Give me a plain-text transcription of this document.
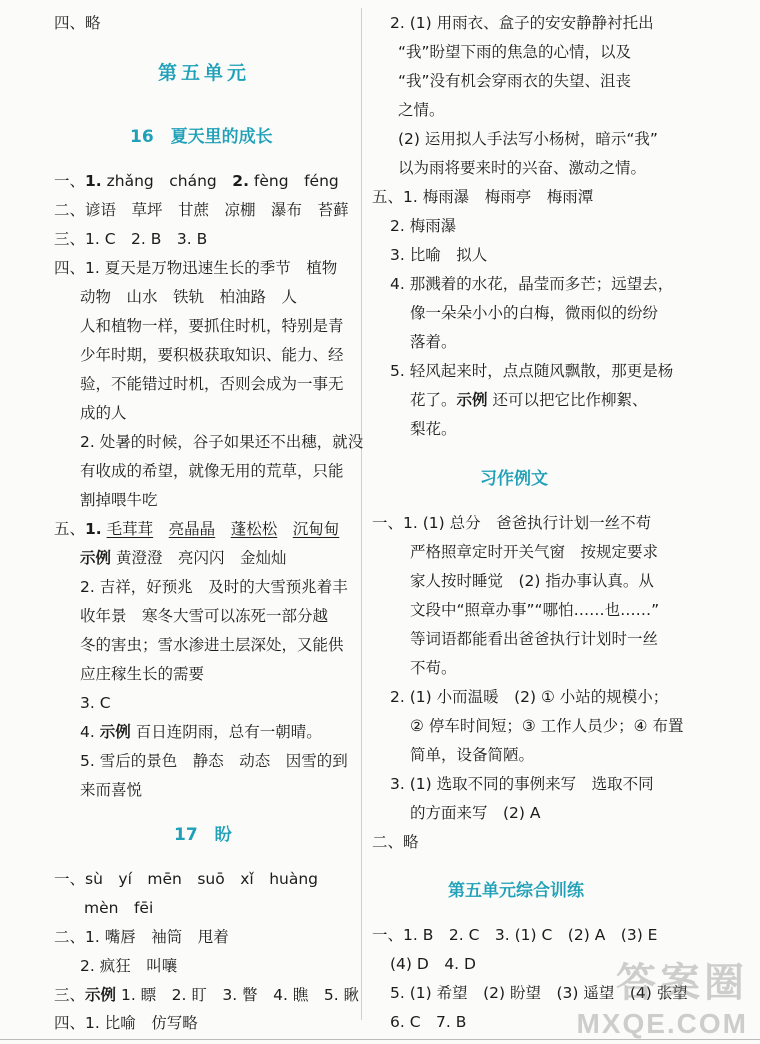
四、略
第五单元
16　夏天里的成长
一、1. zhǎng　cháng　 2. fèng　féng
二、谚语　草坪　甘蔗　凉棚　瀑布　苔藓
三、1. C　2. B　3. B
四、1. 夏天是万物迅速生长的季节　植物
动物　山水　铁轨　柏油路　人
人和植物一样，要抓住时机，特别是青
少年时期，要积极获取知识、能力、经
验，不能错过时机，否则会成为一事无
成的人
2. 处暑的时候，谷子如果还不出穗，就没
有收成的希望，就像无用的荒草，只能
割掉喂牛吃
五、1. 毛茸茸　 亮晶晶　 蓬松松　 沉甸甸
示例 黄澄澄　亮闪闪　金灿灿
2. 吉祥，好预兆　及时的大雪预兆着丰
收年景　寒冬大雪可以冻死一部分越
冬的害虫；雪水渗进土层深处，又能供
应庄稼生长的需要
3. C
4. 示例 百日连阴雨，总有一朝晴。
5. 雪后的景色　静态　动态　因雪的到
来而喜悦
17　盼
一、sù　yí　mēn　suō　xǐ　huàng
mèn　fēi
二、1. 嘴唇　袖筒　甩着
2. 疯狂　叫嚷
三、示例 1. 瞟　2. 盯　3. 瞥　4. 瞧　5. 瞅
四、1. 比喻　仿写略
2. (1) 用雨衣、盒子的安安静静衬托出
“我”盼望下雨的焦急的心情，以及
“我”没有机会穿雨衣的失望、沮丧
之情。
(2) 运用拟人手法写小杨树，暗示“我”
以为雨将要来时的兴奋、激动之情。
五、1. 梅雨瀑　梅雨亭　梅雨潭
2. 梅雨瀑
3. 比喻　拟人
4. 那溅着的水花，晶莹而多芒；远望去，
像一朵朵小小的白梅，微雨似的纷纷
落着。
5. 轻风起来时，点点随风飘散，那更是杨
花了。示例 还可以把它比作柳絮、
梨花。
习作例文
一、1. (1) 总分　爸爸执行计划一丝不苟
严格照章定时开关气窗　按规定要求
家人按时睡觉　(2) 指办事认真。从
文段中“照章办事”“哪怕……也……”
等词语都能看出爸爸执行计划时一丝
不苟。
2. (1) 小而温暖　(2) ① 小站的规模小；
② 停车时间短；③ 工作人员少；④ 布置
简单，设备简陋。
3. (1) 选取不同的事例来写　选取不同
的方面来写　(2) A
二、略
第五单元综合训练
一、1. B　2. C　3. (1) C　(2) A　(3) E
(4) D　4. D
5. (1) 希望　(2) 盼望　(3) 遥望　(4) 张望
6. C　7. B
答案圈
MXQE.COM
